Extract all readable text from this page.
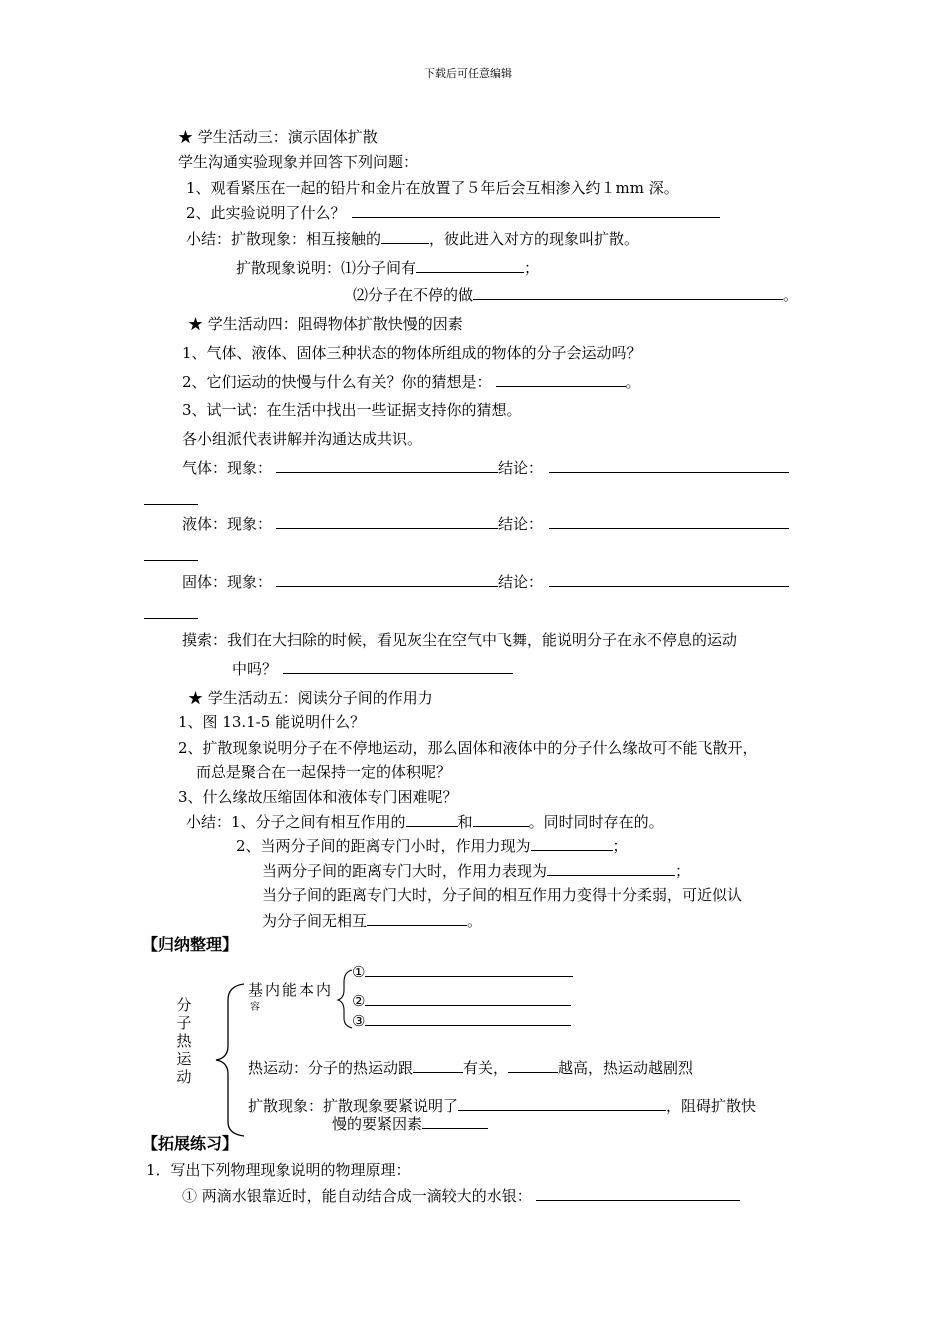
下载后可任意编辑
★ 学生活动三：演示固体扩散
学生沟通实验现象并回答下列问题：
1、观看紧压在一起的铅片和金片在放置了５年后会互相渗入约１mm 深。
2、此实验说明了什么？
小结：扩散现象：相互接触的	，彼此进入对方的现象叫扩散。
扩散现象说明：⑴分子间有	；
⑵分子在不停的做	。
★ 学生活动四：阻碍物体扩散快慢的因素
1、气体、液体、固体三种状态的物体所组成的物体的分子会运动吗？
2、它们运动的快慢与什么有关？你的猜想是：	。
3、试一试：在生活中找出一些证据支持你的猜想。
各小组派代表讲解并沟通达成共识。
气体：现象：	结论：
液体：现象：	结论：
固体：现象：	结论：
摸索：我们在大扫除的时候，看见灰尘在空气中飞舞，能说明分子在永不停息的运动
中吗？
★ 学生活动五：阅读分子间的作用力
1、图 13.1-5 能说明什么？
2、扩散现象说明分子在不停地运动，那么固体和液体中的分子什么缘故可不能飞散开，
而总是聚合在一起保持一定的体积呢？
3、什么缘故压缩固体和液体专门困难呢？
小结：1、分子之间有相互作用的	和	。同时同时存在的。
2、当两分子间的距离专门小时，作用力现为	；
当两分子间的距离专门大时，作用力表现为	；
当分子间的距离专门大时，分子间的相互作用力变得十分柔弱，可近似认
为分子间无相互	。
【归纳整理】
分
子
热
运
动
基内能本内
容
①
②
③
热运动：分子的热运动跟	有关，	越高，热运动越剧烈
扩散现象：扩散现象要紧说明了	，阻碍扩散快
慢的要紧因素
【拓展练习】
1．写出下列物理现象说明的物理原理：
① 两滴水银靠近时，能自动结合成一滴较大的水银：
